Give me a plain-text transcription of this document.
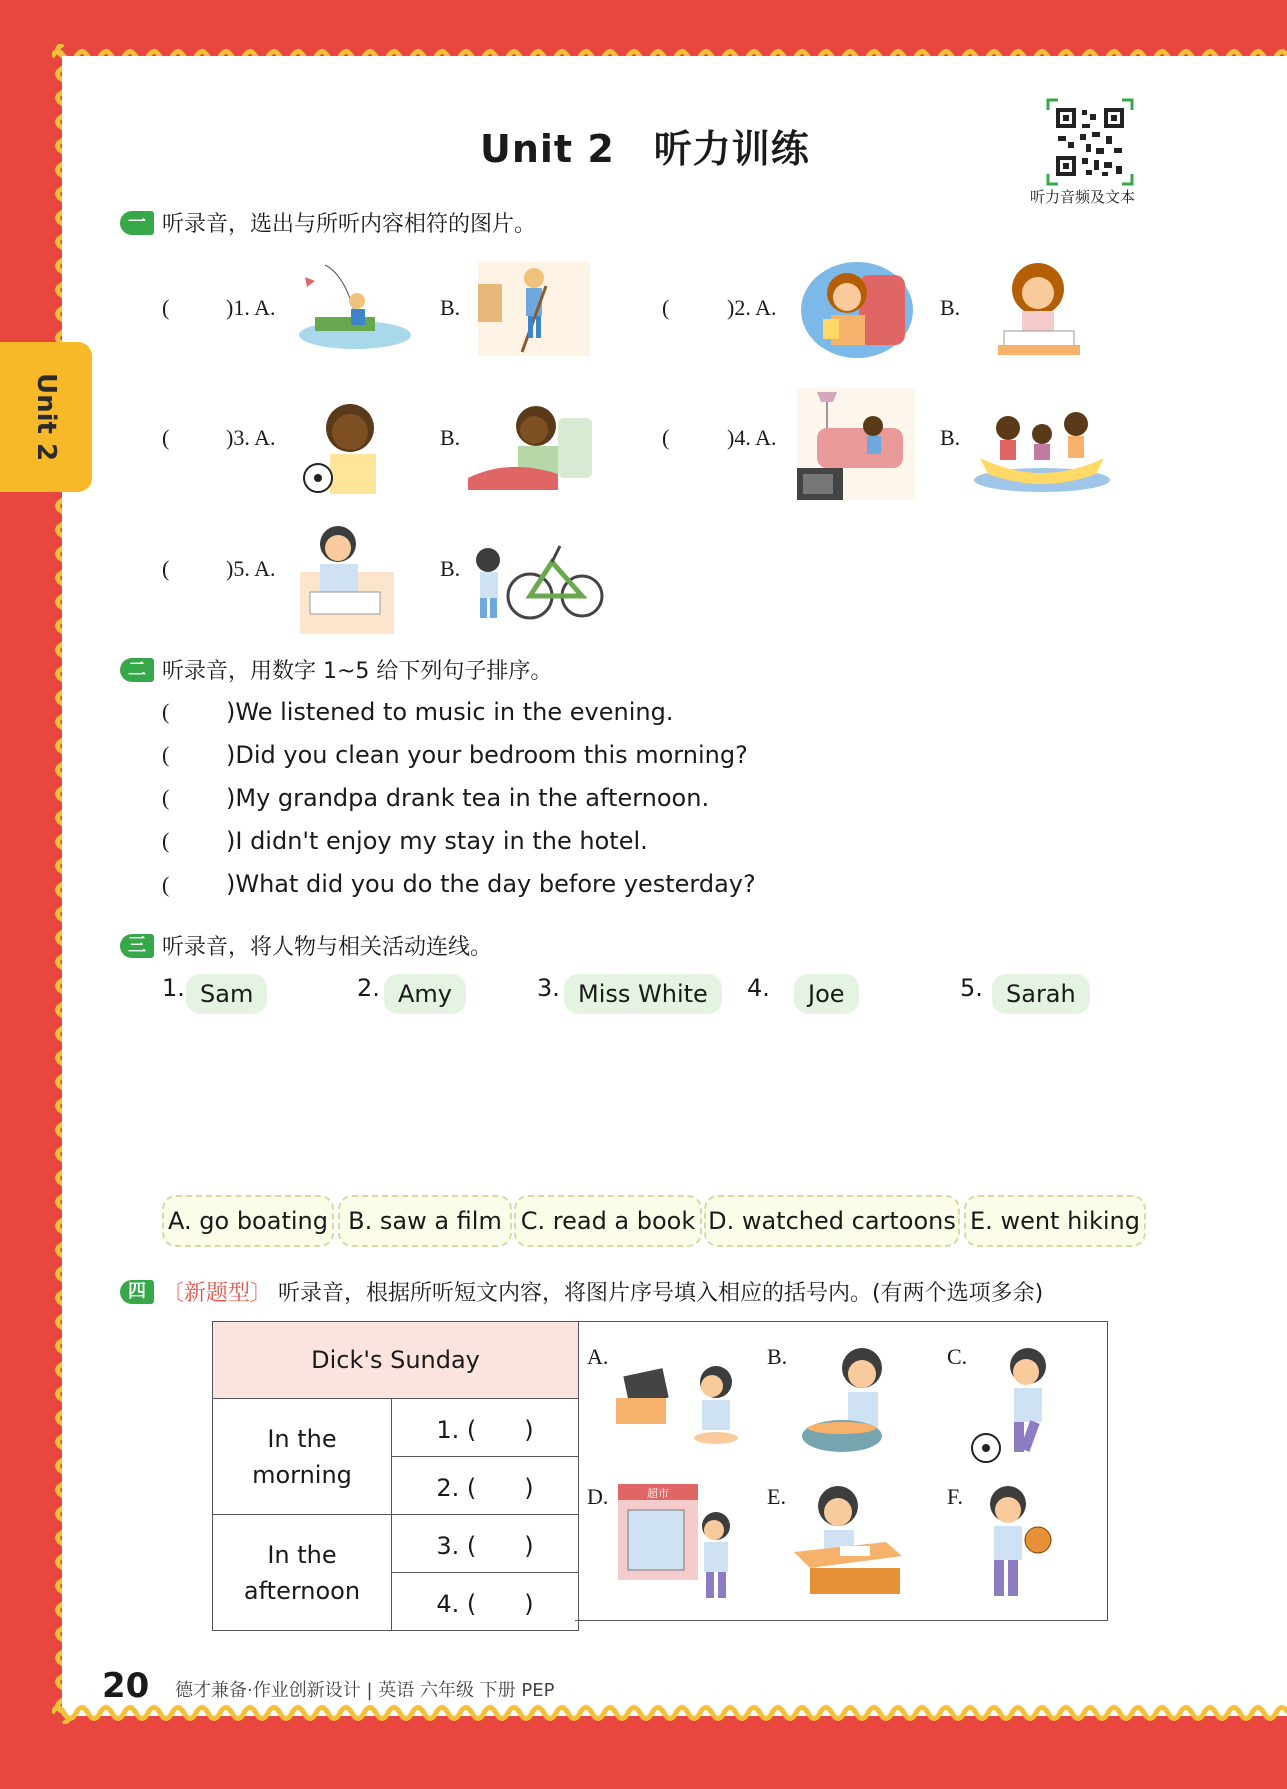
Unit 2
Unit 2　听力训练
听力音频及文本
一 听录音，选出与所听内容相符的图片。
(	)1. A.	B.	(	)2. A.	B.
(	)3. A.	B.	(	)4. A.	B.
(	)5. A.	B.
二 听录音，用数字 1~5 给下列句子排序。
( )We listened to music in the evening.
( )Did you clean your bedroom this morning?
( )My grandpa drank tea in the afternoon.
( )I didn't enjoy my stay in the hotel.
( )What did you do the day before yesterday?
三 听录音，将人物与相关活动连线。
1. Sam	2. Amy	3. Miss White	4.	Joe	5. Sarah
A. go boating B. saw a film C. read a book D. watched cartoons E. went hiking
四 〔新题型〕 听录音，根据所听短文内容，将图片序号填入相应的括号内。(有两个选项多余)
Dick's Sunday	

In the morning	1. (　　)
	2. (　　)

In the afternoon	3. (　　)
	4. (　　)
A.	B.	C.
D.	超市	E.	F.
20 德才兼备·作业创新设计 | 英语 六年级 下册 PEP
